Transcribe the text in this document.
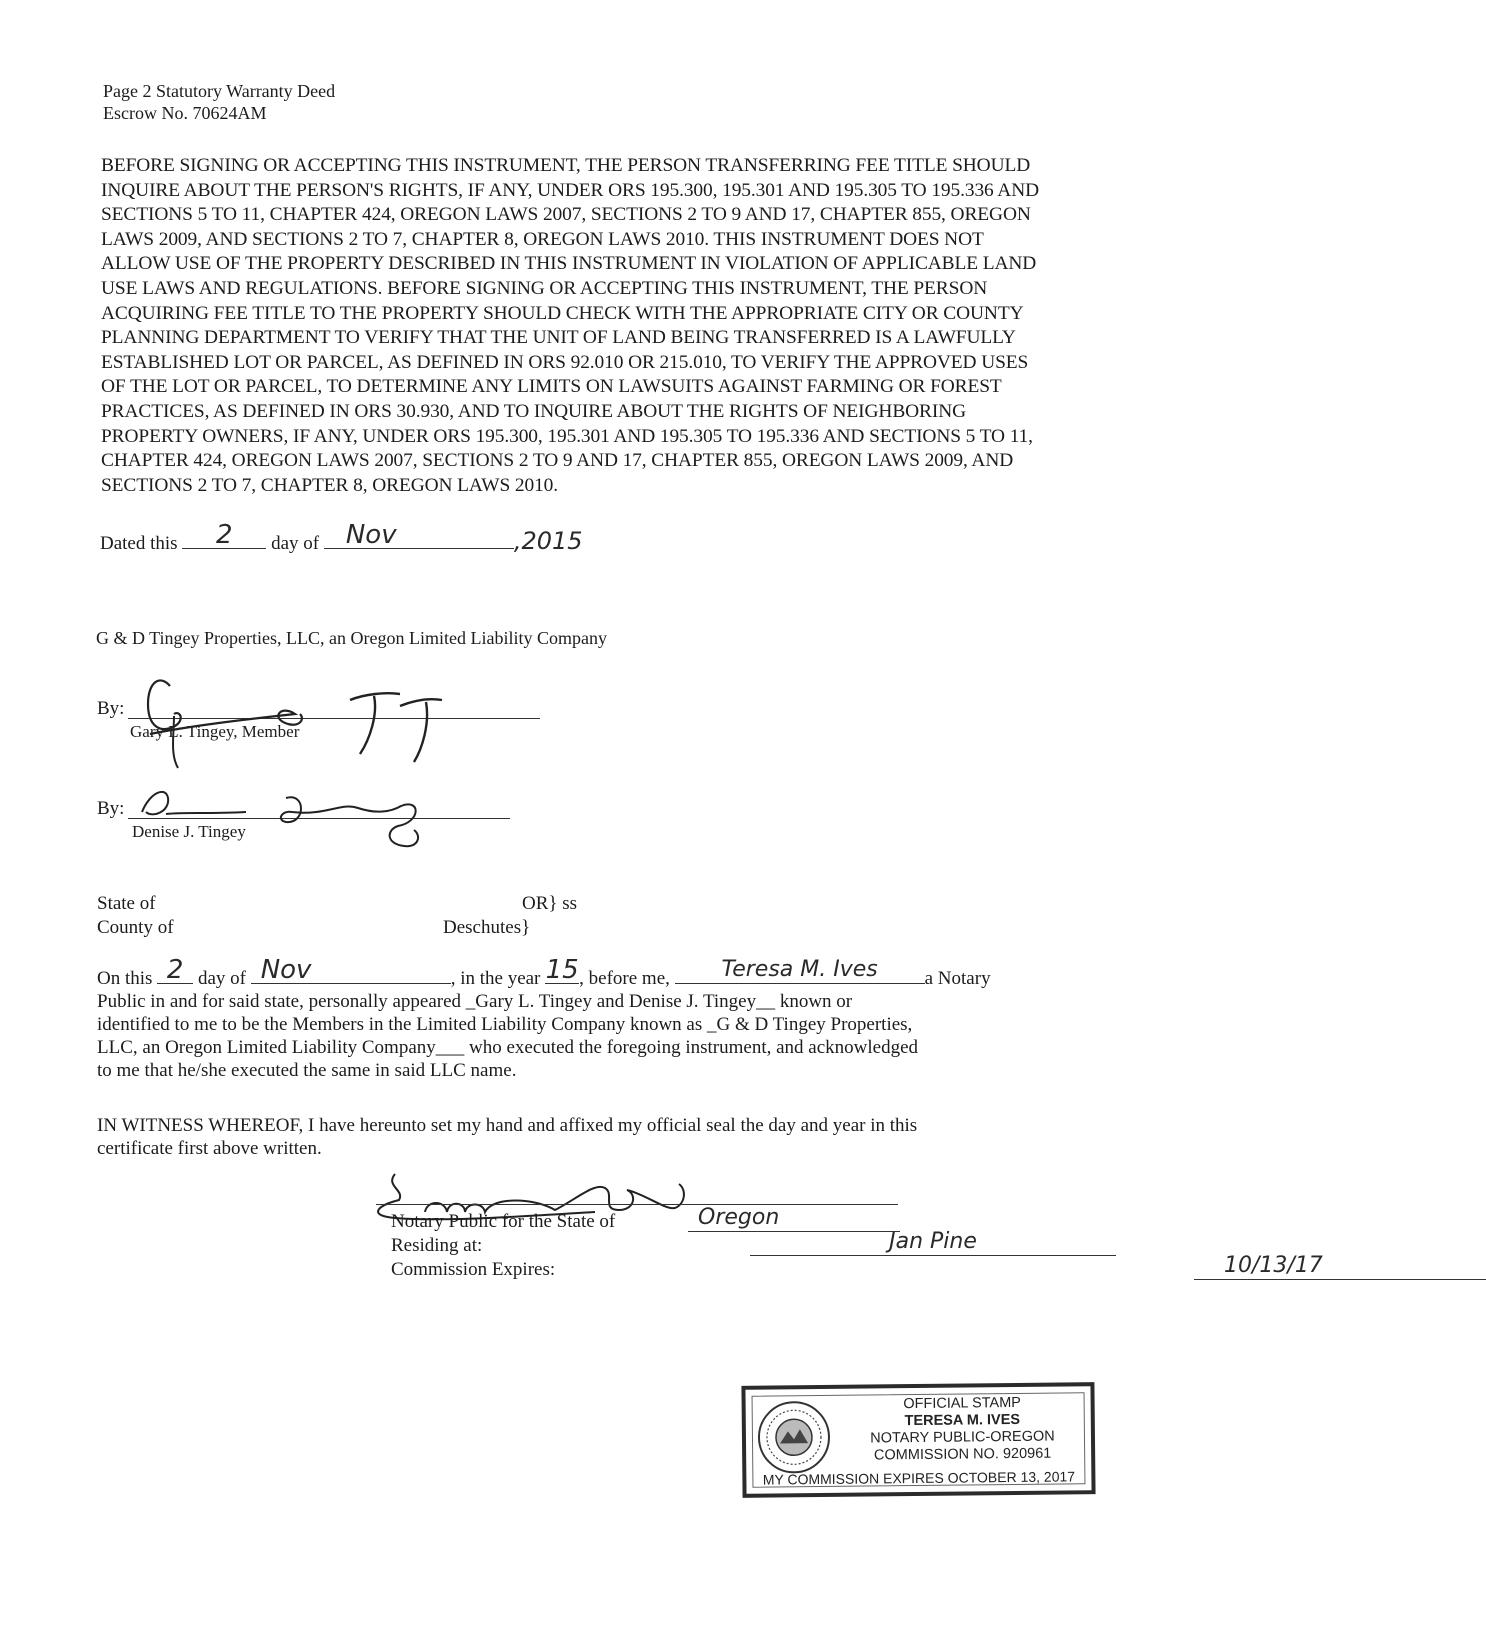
Page 2 Statutory Warranty Deed
Escrow No. 70624AM

BEFORE SIGNING OR ACCEPTING THIS INSTRUMENT, THE PERSON TRANSFERRING FEE TITLE SHOULD
INQUIRE ABOUT THE PERSON'S RIGHTS, IF ANY, UNDER ORS 195.300, 195.301 AND 195.305 TO 195.336 AND
SECTIONS 5 TO 11, CHAPTER 424, OREGON LAWS 2007, SECTIONS 2 TO 9 AND 17, CHAPTER 855, OREGON
LAWS 2009, AND SECTIONS 2 TO 7, CHAPTER 8, OREGON LAWS 2010. THIS INSTRUMENT DOES NOT
ALLOW USE OF THE PROPERTY DESCRIBED IN THIS INSTRUMENT IN VIOLATION OF APPLICABLE LAND
USE LAWS AND REGULATIONS. BEFORE SIGNING OR ACCEPTING THIS INSTRUMENT, THE PERSON
ACQUIRING FEE TITLE TO THE PROPERTY SHOULD CHECK WITH THE APPROPRIATE CITY OR COUNTY
PLANNING DEPARTMENT TO VERIFY THAT THE UNIT OF LAND BEING TRANSFERRED IS A LAWFULLY
ESTABLISHED LOT OR PARCEL, AS DEFINED IN ORS 92.010 OR 215.010, TO VERIFY THE APPROVED USES
OF THE LOT OR PARCEL, TO DETERMINE ANY LIMITS ON LAWSUITS AGAINST FARMING OR FOREST
PRACTICES, AS DEFINED IN ORS 30.930, AND TO INQUIRE ABOUT THE RIGHTS OF NEIGHBORING
PROPERTY OWNERS, IF ANY, UNDER ORS 195.300, 195.301 AND 195.305 TO 195.336 AND SECTIONS 5 TO 11,
CHAPTER 424, OREGON LAWS 2007, SECTIONS 2 TO 9 AND 17, CHAPTER 855, OREGON LAWS 2009, AND
SECTIONS 2 TO 7, CHAPTER 8, OREGON LAWS 2010.

Dated this	2	day of	Nov	,2015
G & D Tingey Properties, LLC, an Oregon Limited Liability Company
By:
Gary L. Tingey, Member
By:
Denise J. Tingey
State of	OR} ss
County of	Deschutes}
On this 2 day of Nov	, in the year 15 , before me,	Teresa M. Ives	a Notary
Public in and for said state, personally appeared _Gary L. Tingey and Denise J. Tingey__ known or
identified to me to be the Members in the Limited Liability Company known as _G & D Tingey Properties,
LLC, an Oregon Limited Liability Company___ who executed the foregoing instrument, and acknowledged
to me that he/she executed the same in said LLC name.
IN WITNESS WHEREOF, I have hereunto set my hand and affixed my official seal the day and year in this
certificate first above written.
Notary Public for the State of	Oregon

Residing at:	Jan Pine

Commission Expires:	10/13/17
OFFICIAL STAMP
TERESA M. IVES
NOTARY PUBLIC-OREGON
COMMISSION NO. 920961
MY COMMISSION EXPIRES OCTOBER 13, 2017
